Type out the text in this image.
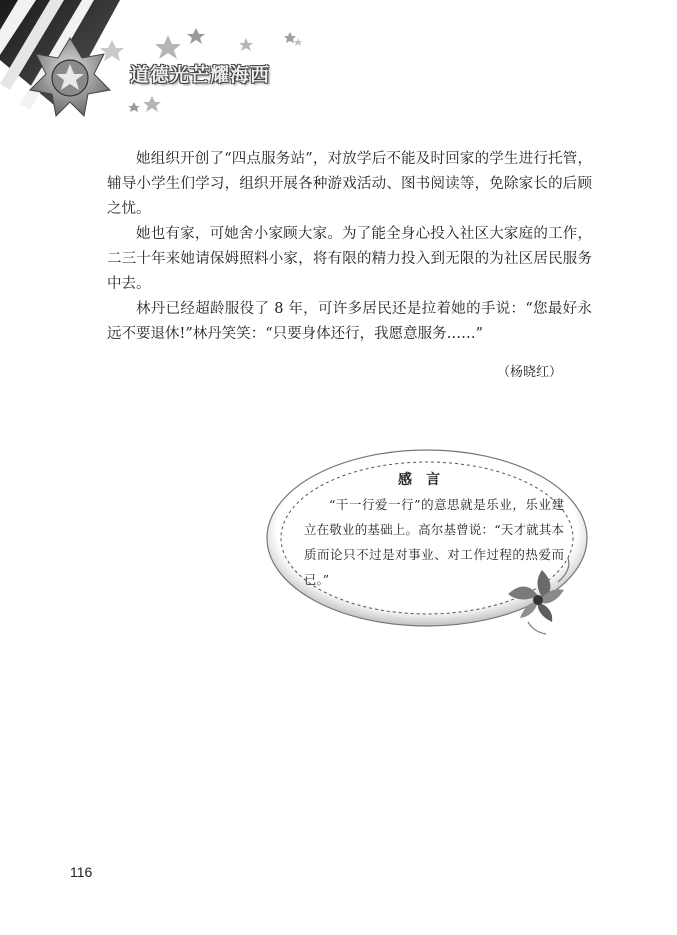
道德光芒耀海西

她组织开创了“四点服务站”，对放学后不能及时回家的学生进行托管，辅导小学生们学习，组织开展各种游戏活动、图书阅读等，免除家长的后顾之忧。

她也有家，可她舍小家顾大家。为了能全身心投入社区大家庭的工作，二三十年来她请保姆照料小家，将有限的精力投入到无限的为社区居民服务中去。

林丹已经超龄服役了 8 年，可许多居民还是拉着她的手说：“您最好永远不要退休!”林丹笑笑：“只要身体还行，我愿意服务……”

（杨晓红）
感言

“干一行爱一行”的意思就是乐业，乐业建立在敬业的基础上。高尔基曾说：“天才就其本质而论只不过是对事业、对工作过程的热爱而已。”

116
